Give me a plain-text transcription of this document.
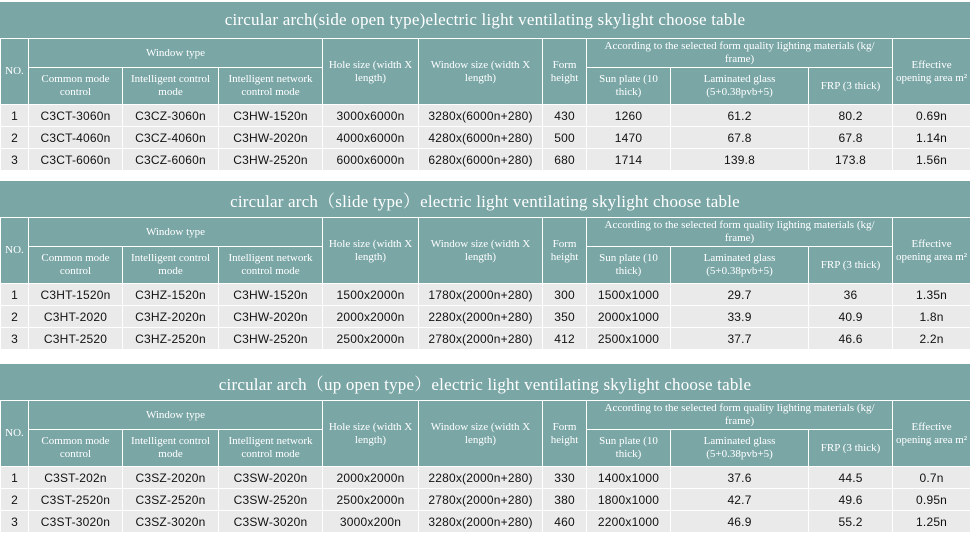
circular arch(side open type)electric light ventilating skylight choose table
NO.	Window type			Hole size (width X length)	Window size (width X length)	Form height	According to the selected form quality lighting materials (kg/ frame)			Effective opening area m²
	Common mode control	Intelligent control mode	Intelligent network control mode				Sun plate (10 thick)	Laminated glass (5+0.38pvb+5)	FRP (3 thick)	
1	C3CT-3060n	C3CZ-3060n	C3HW-1520n	3000x6000n	3280x(6000n+280)	430	1260	61.2	80.2	0.69n
2	C3CT-4060n	C3CZ-4060n	C3HW-2020n	4000x6000n	4280x(6000n+280)	500	1470	67.8	67.8	1.14n
3	C3CT-6060n	C3CZ-6060n	C3HW-2520n	6000x6000n	6280x(6000n+280)	680	1714	139.8	173.8	1.56n
circular arch（slide type）electric light ventilating skylight choose table
NO.	Window type			Hole size (width X length)	Window size (width X length)	Form height	According to the selected form quality lighting materials (kg/ frame)			Effective opening area m²
	Common mode control	Intelligent control mode	Intelligent network control mode				Sun plate (10 thick)	Laminated glass (5+0.38pvb+5)	FRP (3 thick)	
1	C3HT-1520n	C3HZ-1520n	C3HW-1520n	1500x2000n	1780x(2000n+280)	300	1500x1000	29.7	36	1.35n
2	C3HT-2020	C3HZ-2020n	C3HW-2020n	2000x2000n	2280x(2000n+280)	350	2000x1000	33.9	40.9	1.8n
3	C3HT-2520	C3HZ-2520n	C3HW-2520n	2500x2000n	2780x(2000n+280)	412	2500x1000	37.7	46.6	2.2n
circular arch（up open type）electric light ventilating skylight choose table
NO.	Window type			Hole size (width X length)	Window size (width X length)	Form height	According to the selected form quality lighting materials (kg/ frame)			Effective opening area m²
	Common mode control	Intelligent control mode	Intelligent network control mode				Sun plate (10 thick)	Laminated glass (5+0.38pvb+5)	FRP (3 thick)	
1	C3ST-202n	C3SZ-2020n	C3SW-2020n	2000x2000n	2280x(2000n+280)	330	1400x1000	37.6	44.5	0.7n
2	C3ST-2520n	C3SZ-2520n	C3SW-2520n	2500x2000n	2780x(2000n+280)	380	1800x1000	42.7	49.6	0.95n
3	C3ST-3020n	C3SZ-3020n	C3SW-3020n	3000x200n	3280x(2000n+280)	460	2200x1000	46.9	55.2	1.25n
